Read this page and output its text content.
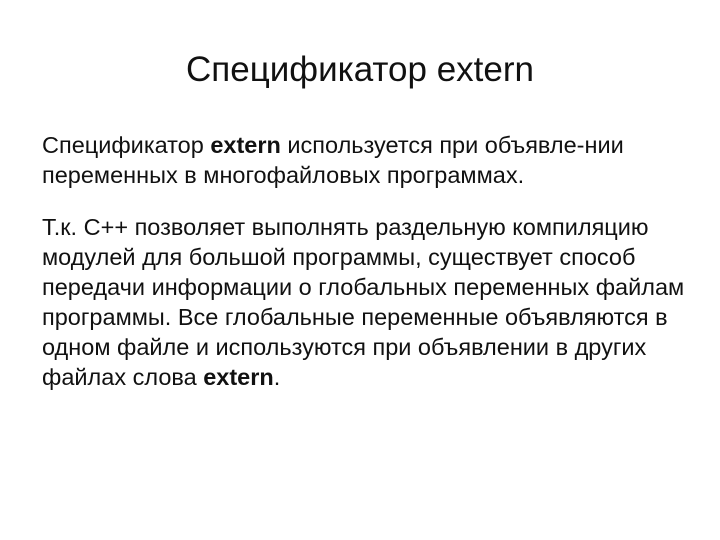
Спецификатор extern

Спецификатор extern используется при объявле-нии переменных в многофайловых программах.

Т.к. С++ позволяет выполнять раздельную компиляцию модулей для большой программы, существует способ передачи информации о глобальных переменных файлам программы. Все глобальные переменные объявляются в одном файле и используются при объявлении в других файлах слова extern.
